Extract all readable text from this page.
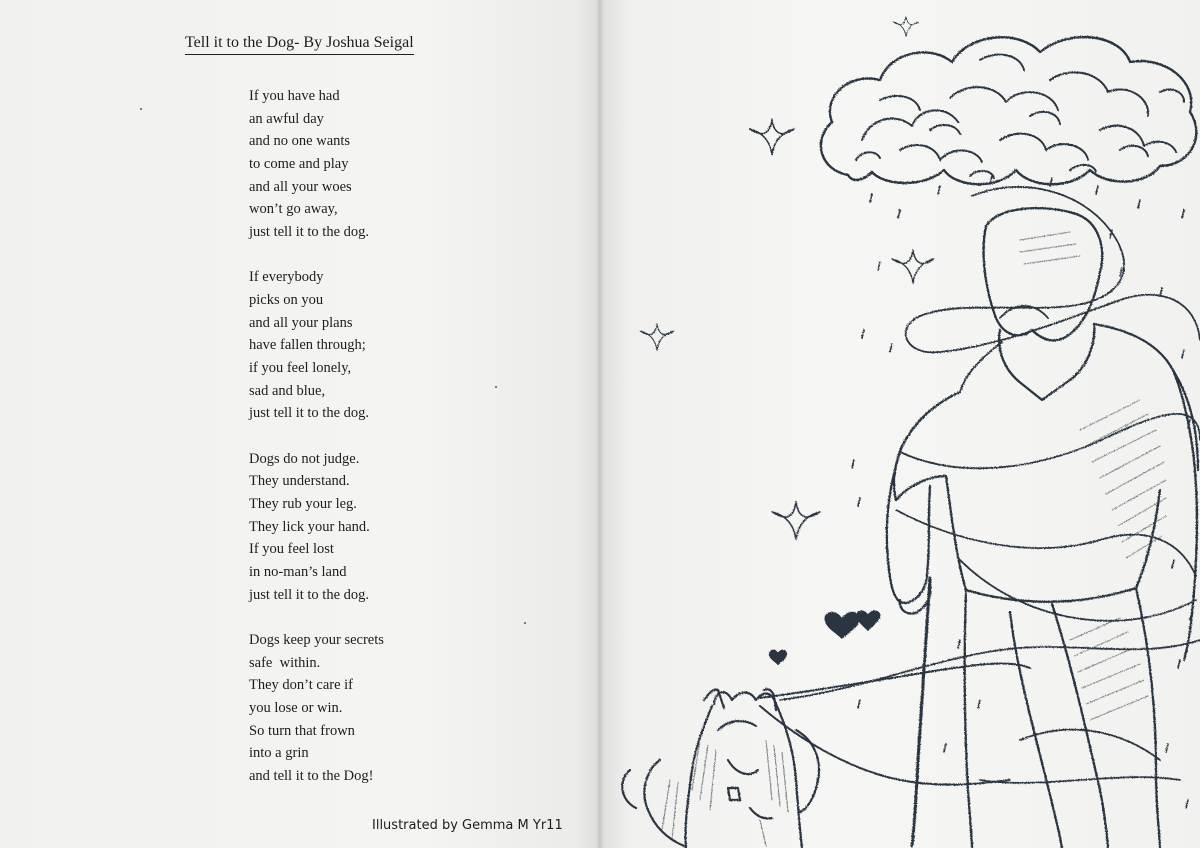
Tell it to the Dog- By Joshua Seigal
If you have had
an awful day
and no one wants
to come and play
and all your woes
won’t go away,
just tell it to the dog.
If everybody
picks on you
and all your plans
have fallen through;
if you feel lonely,
sad and blue,
just tell it to the dog.
Dogs do not judge.
They understand.
They rub your leg.
They lick your hand.
If you feel lost
in no-man’s land
just tell it to the dog.
Dogs keep your secrets
safe  within.
They don’t care if
you lose or win.
So turn that frown
into a grin
and tell it to the Dog!
Illustrated by Gemma M Yr11
